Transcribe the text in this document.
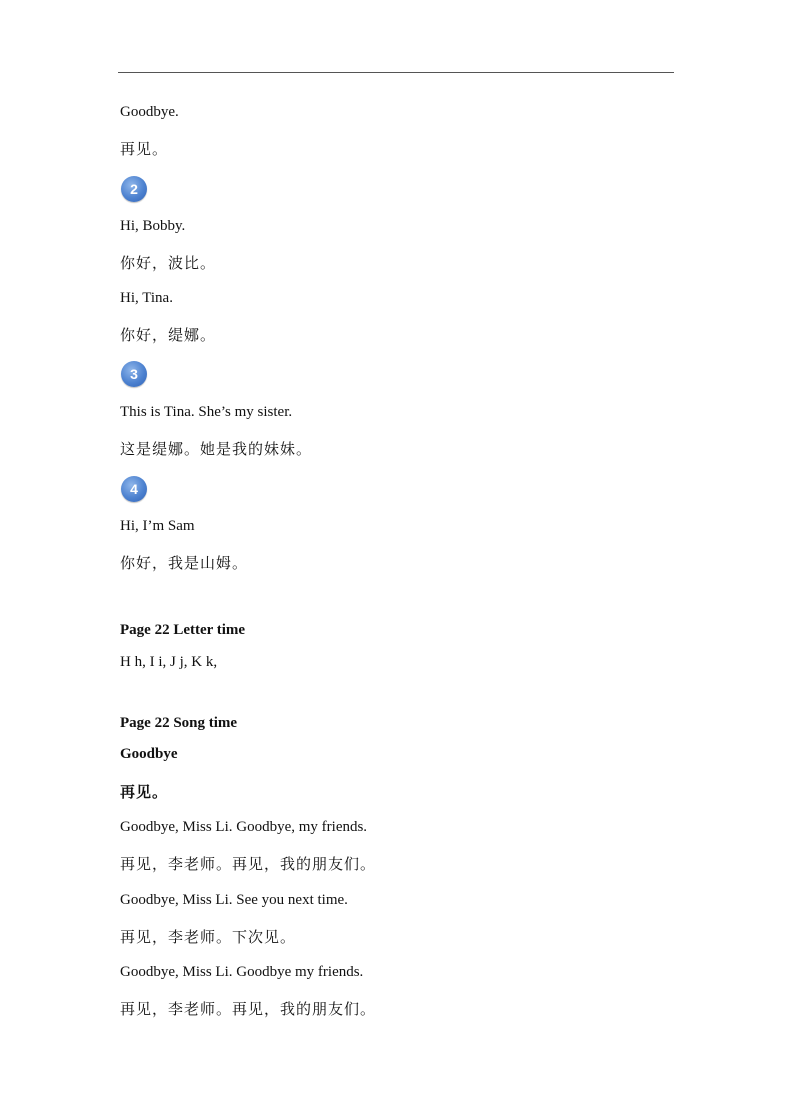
Goodbye.
再见。
2
Hi, Bobby.
你好，波比。
Hi, Tina.
你好，缇娜。
3
This is Tina. She’s my sister.
这是缇娜。她是我的妹妹。
4
Hi, I’m Sam
你好，我是山姆。
Page 22 Letter time
H h, I i, J j, K k,
Page 22 Song time
Goodbye
再见。
Goodbye, Miss Li. Goodbye, my friends.
再见，李老师。再见，我的朋友们。
Goodbye, Miss Li. See you next time.
再见，李老师。下次见。
Goodbye, Miss Li. Goodbye my friends.
再见，李老师。再见，我的朋友们。
